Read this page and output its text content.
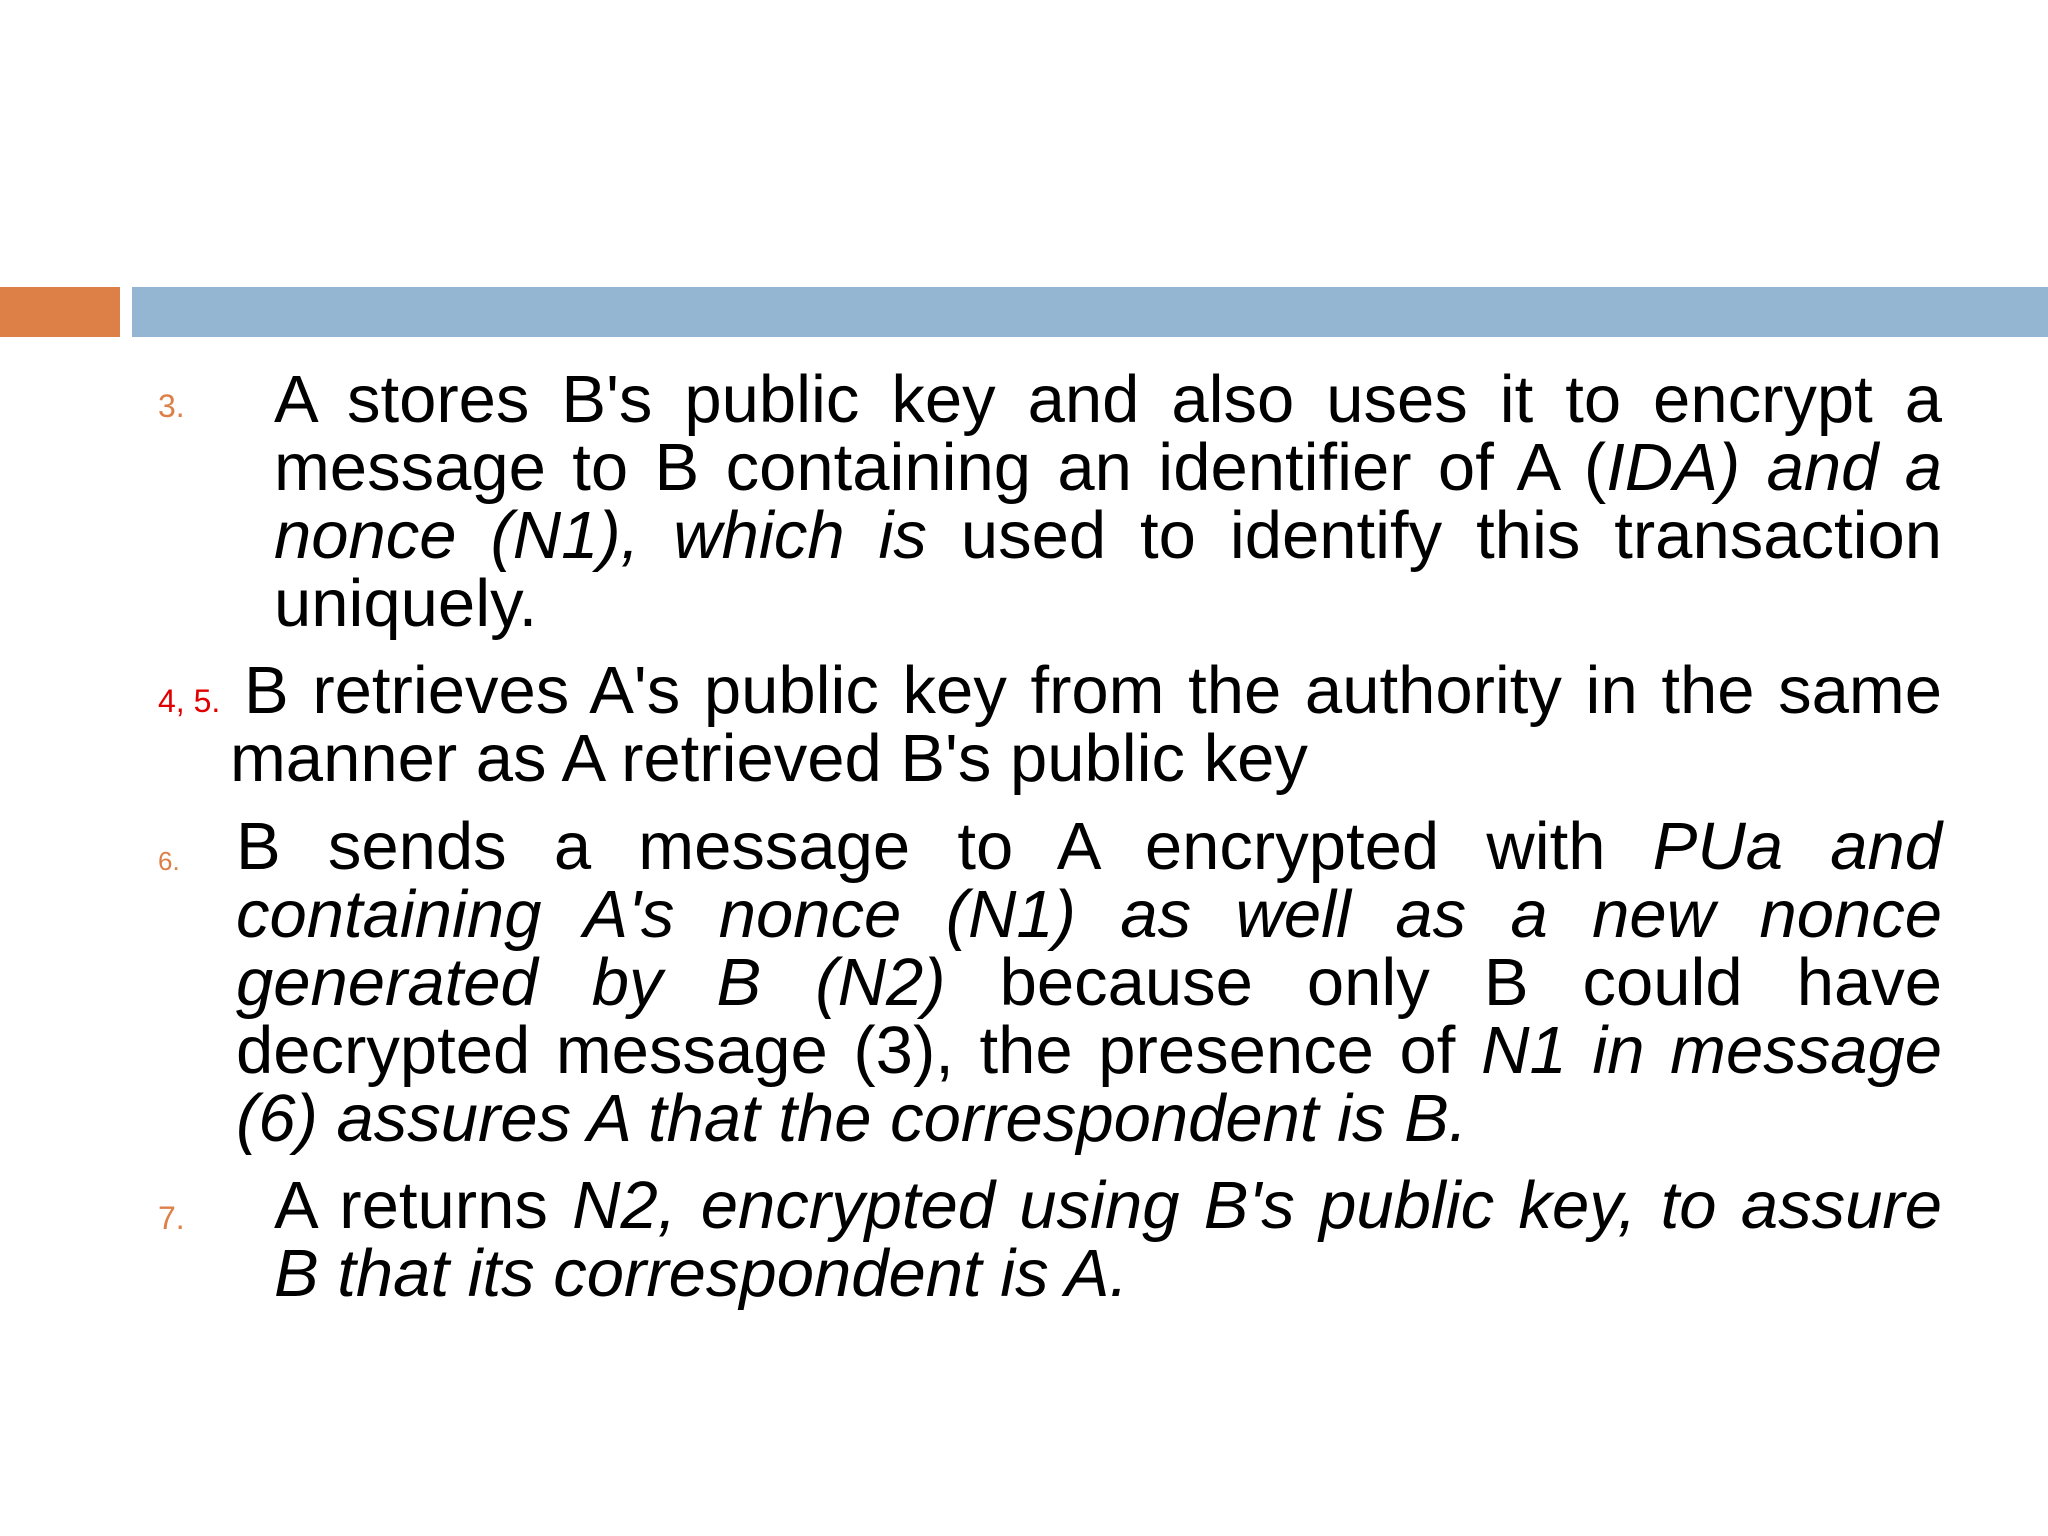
3. A stores B's public key and also uses it to encrypt a message to B containing an identifier of A (IDA) and a nonce (N1), which is used to identify this transaction uniquely.

4, 5. B retrieves A's public key from the authority in the same manner as A retrieved B's public key

6. B sends a message to A encrypted with PUa and containing A's nonce (N1) as well as a new nonce generated by B (N2) because only B could have decrypted message (3), the presence of N1 in message (6) assures A that the correspondent is B.

7. A returns N2, encrypted using B's public key, to assure B that its correspondent is A.
